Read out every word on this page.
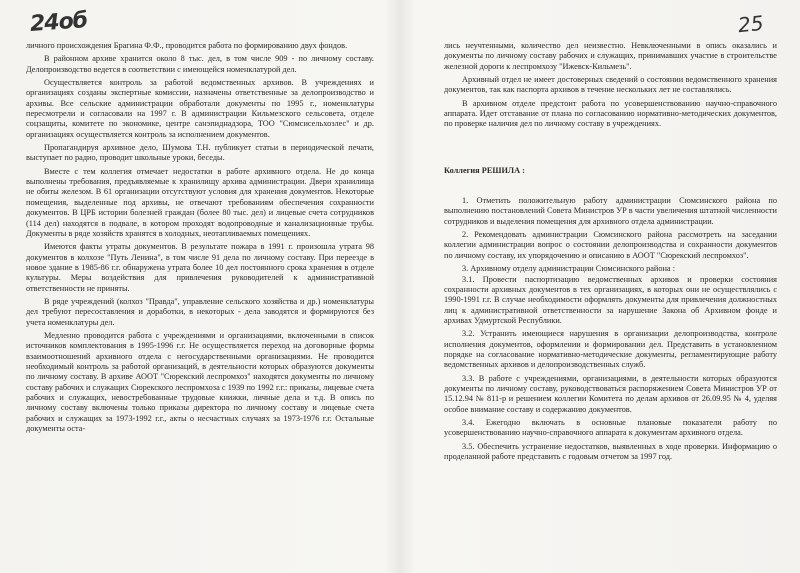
24об	25

личного происхождения Брагина Ф.Ф., проводится работа по формированию двух фондов.

В районном архиве хранится около 8 тыс. дел, в том числе 909 - по личному составу. Делопроизводство ведется в соответствии с имеющейся номенклатурой дел.

Осуществляется контроль за работой ведомственных архивов. В учреждениях и организациях созданы экспертные комиссии, назначены ответственные за делопроизводство и архивы. Все сельские администрации обработали документы по 1995 г., номенклатуры пересмотрели и согласовали на 1997 г. В администрации Кильмезского сельсовета, отделе соцзащиты, комитете по экономике, центре санэпиднадзора, ТОО "Сюмсисельхозлес" и др. организациях осуществляется контроль за исполнением документов.

Пропагандируя архивное дело, Шумова Т.Н. публикует статьи в периодической печати, выступает по радио, проводит школьные уроки, беседы.

Вместе с тем коллегия отмечает недостатки в работе архивного отдела. Не до конца выполнены требования, предъявляемые к хранилищу архива администрации. Двери хранилища не обиты железом. В 61 организации отсутствуют условия для хранения документов. Некоторые помещения, выделенные под архивы, не отвечают требованиям обеспечения сохранности документов. В ЦРБ истории болезней граждан (более 80 тыс. дел) и лицевые счета сотрудников (114 дел) находятся в подвале, в котором проходят водопроводные и канализационные трубы. Документы в ряде хозяйств хранятся в холодных, неотапливаемых помещениях.

Имеются факты утраты документов. В результате пожара в 1991 г. произошла утрата 98 документов в колхозе "Путь Ленина", в том числе 91 дела по личному составу. При переезде в новое здание в 1985-86 г.г. обнаружена утрата более 10 дел постоянного срока хранения в отделе культуры. Меры воздействия для привлечения руководителей к административной ответственности не приняты.

В ряде учреждений (колхоз "Правда", управление сельского хозяйства и др.) номенклатуры дел требуют пересоставления и доработки, в некоторых - дела заводятся и формируются без учета номенклатуры дел.

Медленно проводится работа с учреждениями и организациями, включенными в список источников комплектования в 1995-1996 г.г. Не осуществляется переход на договорные формы взаимоотношений архивного отдела с негосударственными организациями. Не проводится необходимый контроль за работой организаций, в деятельности которых образуются документы по личному составу. В архиве АООТ "Сюрекский леспромхоз" находятся документы по личному составу рабочих и служащих Сюрекского леспромхоза с 1939 по 1992 г.г.: приказы, лицевые счета рабочих и служащих, невостребованные трудовые книжки, личные дела и т.д. В опись по личному составу включены только приказы директора по личному составу и лицевые счета рабочих и служащих за 1973-1992 г.г., акты о несчастных случаях за 1973-1976 г.г. Остальные документы оста-

лись неучтенными, количество дел неизвестно. Невключенными в опись оказались и документы по личному составу рабочих и служащих, принимавших участие в строительстве железной дороги к леспромхозу "Ижевск-Кильмезь".

Архивный отдел не имеет достоверных сведений о состоянии ведомственного хранения документов, так как паспорта архивов в течение нескольких лет не составлялись.

В архивном отделе предстоит работа по усовершенствованию научно-справочного аппарата. Идет отставание от плана по согласованию нормативно-методических документов, по проверке наличия дел по личному составу в учреждениях.

Коллегия РЕШИЛА :

1. Отметить положительную работу администрации Сюмсинского района по выполнению постановлений Совета Министров УР в части увеличения штатной численности сотрудников и выделения помещения для архивного отдела администрации.

2. Рекомендовать администрации Сюмсинского района рассмотреть на заседании коллегии администрации вопрос о состоянии делопроизводства и сохранности документов по личному составу, их упорядочению и описанию в АООТ "Сюрекский леспромхоз".

3. Архивному отделу администрации Сюмсинского района :

3.1. Провести паспортизацию ведомственных архивов и проверки состояния сохранности архивных документов в тех организациях, в которых они не осуществлялись с 1990-1991 г.г. В случае необходимости оформлять документы для привлечения должностных лиц к административной ответственности за нарушение Закона об Архивном фонде и архивах Удмуртской Республики.

3.2. Устранить имеющиеся нарушения в организации делопроизводства, контроле исполнения документов, оформлении и формировании дел. Представить в установленном порядке на согласование нормативно-методические документы, регламентирующие работу ведомственных архивов и делопроизводственных служб.

3.3. В работе с учреждениями, организациями, в деятельности которых образуются документы по личному составу, руководствоваться распоряжением Совета Министров УР от 15.12.94 № 811-р и решением коллегии Комитета по делам архивов от 26.09.95 № 4, уделяя особое внимание составу и содержанию документов.

3.4. Ежегодно включать в основные плановые показатели работу по усовершенствованию научно-справочного аппарата к документам архивного отдела.

3.5. Обеспечить устранение недостатков, выявленных в ходе проверки. Информацию о проделанной работе представить с годовым отчетом за 1997 год.
